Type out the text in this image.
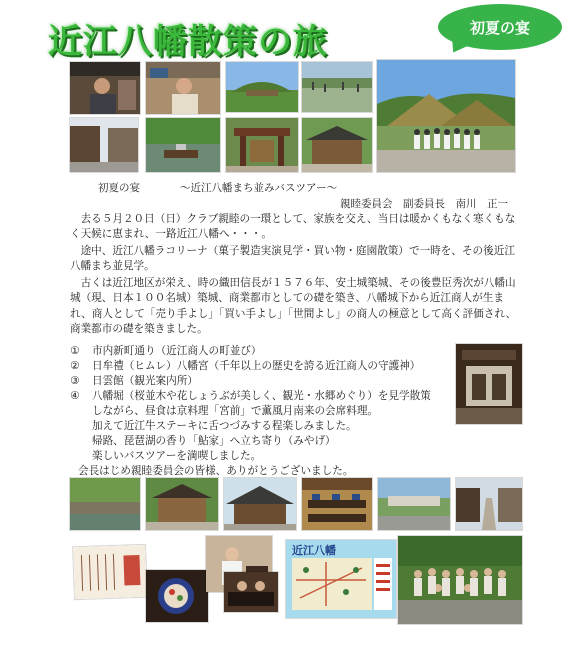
近江八幡散策の旅	初夏の宴
初夏の宴	～近江八幡まち並みバスツアー～
親睦委員会　副委員長　南川　正一
　去る５月２０日（日）クラブ親睦の一環として、家族を交え、当日は暖かくもなく寒くもなく天候に恵まれ、一路近江八幡へ・・・。
　途中、近江八幡ラコリーナ（菓子製造実演見学・買い物・庭園散策）で一時を、その後近江八幡まち並見学。
　古くは近江地区が栄え、時の織田信長が１５７６年、安土城築城、その後豊臣秀次が八幡山城（現、日本１００名城）築城、商業都市としての礎を築き、八幡城下から近江商人が生まれ、商人として「売り手よし」「買い手よし」「世間よし」の商人の極意として高く評価され、商業都市の礎を築きました。
① 市内新町通り（近江商人の町並び）
② 日牟禮（ヒムレ）八幡宮（千年以上の歴史を誇る近江商人の守護神）
③ 日雲館（観光案内所）
④ 八幡堀（桜並木や花しょうぶが美しく、観光・水郷めぐり）を見学散策
しながら、昼食は京料理「宮前」で薫風月南来の会席料理。
加えて近江牛ステーキに舌つづみする程楽しみました。
帰路、琵琶湖の香り「鮎家」へ立ち寄り（みやげ）
楽しいバスツアーを満喫しました。
会長はじめ親睦委員会の皆様、ありがとうございました。
近江八幡
